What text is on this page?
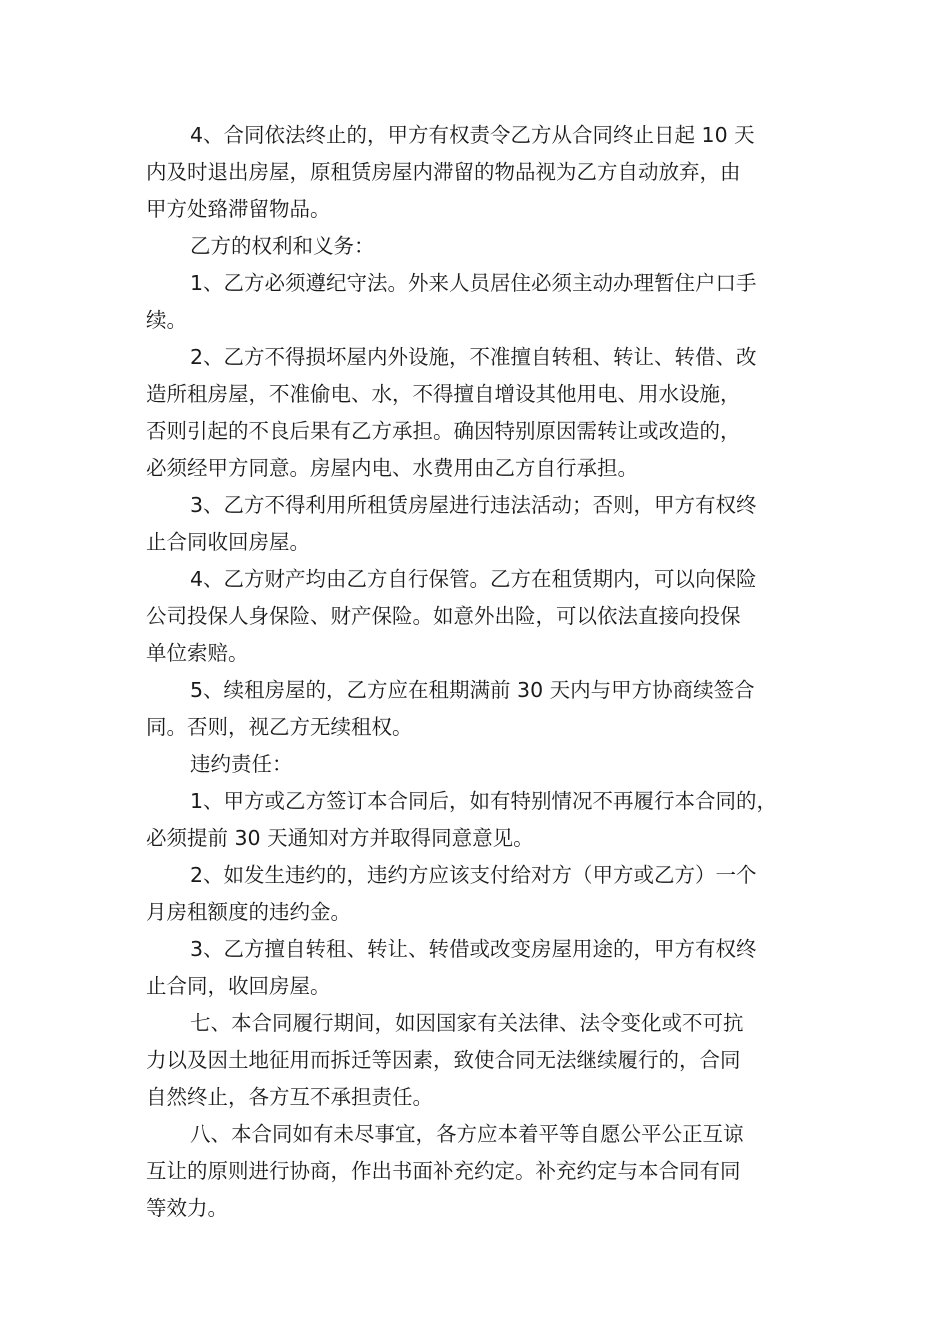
4、合同依法终止的，甲方有权责令乙方从合同终止日起 10 天
内及时退出房屋，原租赁房屋内滞留的物品视为乙方自动放弃，由
甲方处臵滞留物品。
乙方的权利和义务：
1、乙方必须遵纪守法。外来人员居住必须主动办理暂住户口手
续。
2、乙方不得损坏屋内外设施，不准擅自转租、转让、转借、改
造所租房屋，不准偷电、水，不得擅自增设其他用电、用水设施，
否则引起的不良后果有乙方承担。确因特别原因需转让或改造的，
必须经甲方同意。房屋内电、水费用由乙方自行承担。
3、乙方不得利用所租赁房屋进行违法活动；否则，甲方有权终
止合同收回房屋。
4、乙方财产均由乙方自行保管。乙方在租赁期内，可以向保险
公司投保人身保险、财产保险。如意外出险，可以依法直接向投保
单位索赔。
5、续租房屋的，乙方应在租期满前 30 天内与甲方协商续签合
同。否则，视乙方无续租权。
违约责任：
1、甲方或乙方签订本合同后，如有特别情况不再履行本合同的，
必须提前 30 天通知对方并取得同意意见。
2、如发生违约的，违约方应该支付给对方（甲方或乙方）一个
月房租额度的违约金。
3、乙方擅自转租、转让、转借或改变房屋用途的，甲方有权终
止合同，收回房屋。
七、本合同履行期间，如因国家有关法律、法令变化或不可抗
力以及因土地征用而拆迁等因素，致使合同无法继续履行的，合同
自然终止，各方互不承担责任。
八、本合同如有未尽事宜，各方应本着平等自愿公平公正互谅
互让的原则进行协商，作出书面补充约定。补充约定与本合同有同
等效力。
